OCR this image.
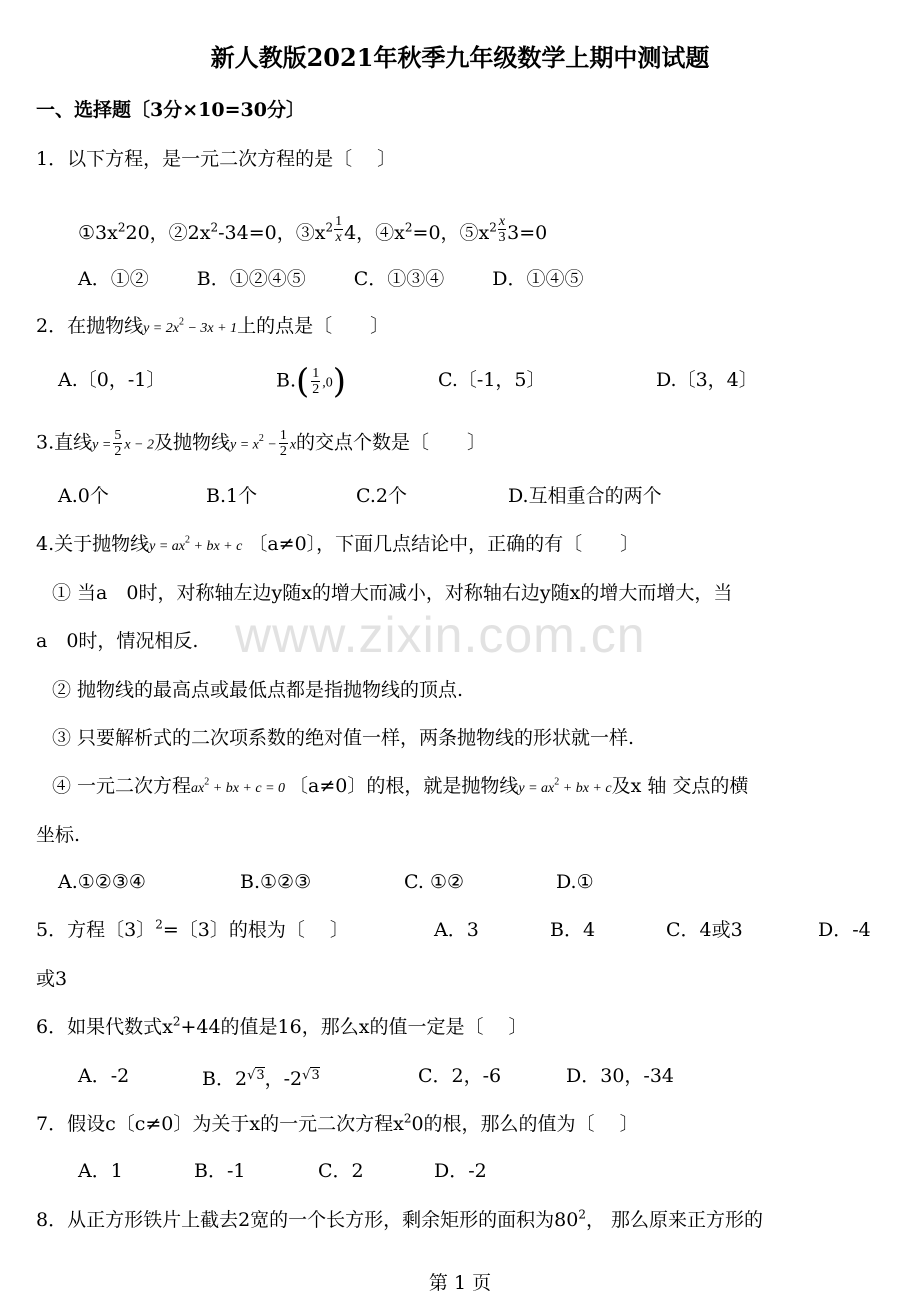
新人教版2021年秋季九年级数学上期中测试题
一、选择题〔3分×10=30分〕
1．以下方程，是一元二次方程的是〔　 〕
$①3x^220$，$②2x^2-34=0$，$③x^2 \frac{1}{x} 4$，$④x^2=0$，$⑤x^2 \frac{x}{3} 3=0$
A．①②	B．①②④⑤	C．①③④	D．①④⑤
2．在抛物线$y = 2x^2 - 3x + 1$上的点是〔　　〕
A.〔0，-1〕	$B.( \frac{1}{2} ,0)$	C.〔-1，5〕	D.〔3，4〕
3.直线$y = \frac{5}{2}$ x − 2及抛物线$y = x^2 - \frac{1}{2}$ x的交点个数是〔　　〕
A.0个	B.1个	C.2个	D.互相重合的两个
4.关于抛物线$y = ax^2$ + bx + c 〔a≠0〕，下面几点结论中，正确的有〔　　〕
① 当a　0时，对称轴左边y随x的增大而减小，对称轴右边y随x的增大而增大，当
a　0时，情况相反.
② 抛物线的最高点或最低点都是指抛物线的顶点.
③ 只要解析式的二次项系数的绝对值一样，两条抛物线的形状就一样.
④ 一元二次方程$ax^2$ + bx + c = 0 〔a≠0〕的根，就是抛物线$y = ax^2$ + bx + c及x 轴 交点的横
坐标.
A.①②③④	B.①②③	C. ①②	D.①
5．方程〔3〕$^2$=〔3〕的根为〔　 〕	A．3	B．4	C．4或3	D．-4
或3
6．如果代数式$x^2+44$的值是16，那么x的值一定是〔　 〕
A．-2	B．$2^{√3}$，$-2^{√3}$	C．2，-6	D．30，-34
7．假设c〔c≠0〕为关于x的一元二次方程$x^20$的根，那么的值为〔　 〕
A．1	B．-1	C．2	D．-2
8．从正方形铁片上截去2宽的一个长方形，剩余矩形的面积为$80^2$， 那么原来正方形的
www.zixin.com.cn
第 1 页
